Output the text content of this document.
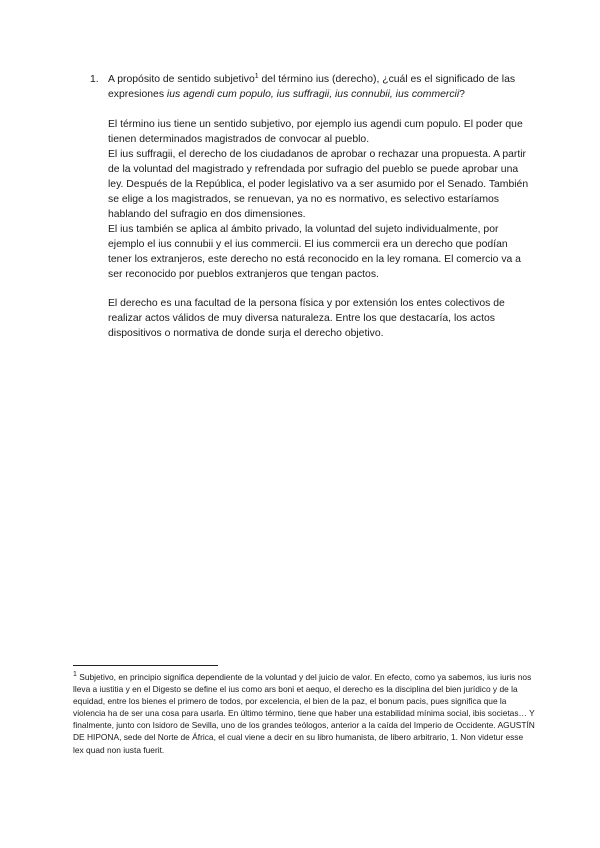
1. A propósito de sentido subjetivo$^1$ del término ius (derecho), ¿cuál es el significado de las expresiones ius agendi cum populo, ius suffragii, ius connubii, ius commercii?

El término ius tiene un sentido subjetivo, por ejemplo ius agendi cum populo. El poder que tienen determinados magistrados de convocar al pueblo.

El ius suffragii, el derecho de los ciudadanos de aprobar o rechazar una propuesta. A partir de la voluntad del magistrado y refrendada por sufragio del pueblo se puede aprobar una ley. Después de la República, el poder legislativo va a ser asumido por el Senado. También se elige a los magistrados, se renuevan, ya no es normativo, es selectivo estaríamos hablando del sufragio en dos dimensiones.

El ius también se aplica al ámbito privado, la voluntad del sujeto individualmente, por ejemplo el ius connubii y el ius commercii. El ius commercii era un derecho que podían tener los extranjeros, este derecho no está reconocido en la ley romana. El comercio va a ser reconocido por pueblos extranjeros que tengan pactos.

El derecho es una facultad de la persona física y por extensión los entes colectivos de realizar actos válidos de muy diversa naturaleza. Entre los que destacaría, los actos dispositivos o normativa de donde surja el derecho objetivo.

$^1$ Subjetivo, en principio significa dependiente de la voluntad y del juicio de valor. En efecto, como ya sabemos, ius iuris nos lleva a iustitia y en el Digesto se define el ius como ars boni et aequo, el derecho es la disciplina del bien jurídico y de la equidad, entre los bienes el primero de todos, por excelencia, el bien de la paz, el bonum pacis, pues significa que la violencia ha de ser una cosa para usarla. En último término, tiene que haber una estabilidad mínima social, ibis societas… Y finalmente, junto con Isidoro de Sevilla, uno de los grandes teólogos, anterior a la caída del Imperio de Occidente. AGUSTÍN DE HIPONA, sede del Norte de África, el cual viene a decir en su libro humanista, de libero arbitrario, 1. Non videtur esse lex quad non iusta fuerit.
